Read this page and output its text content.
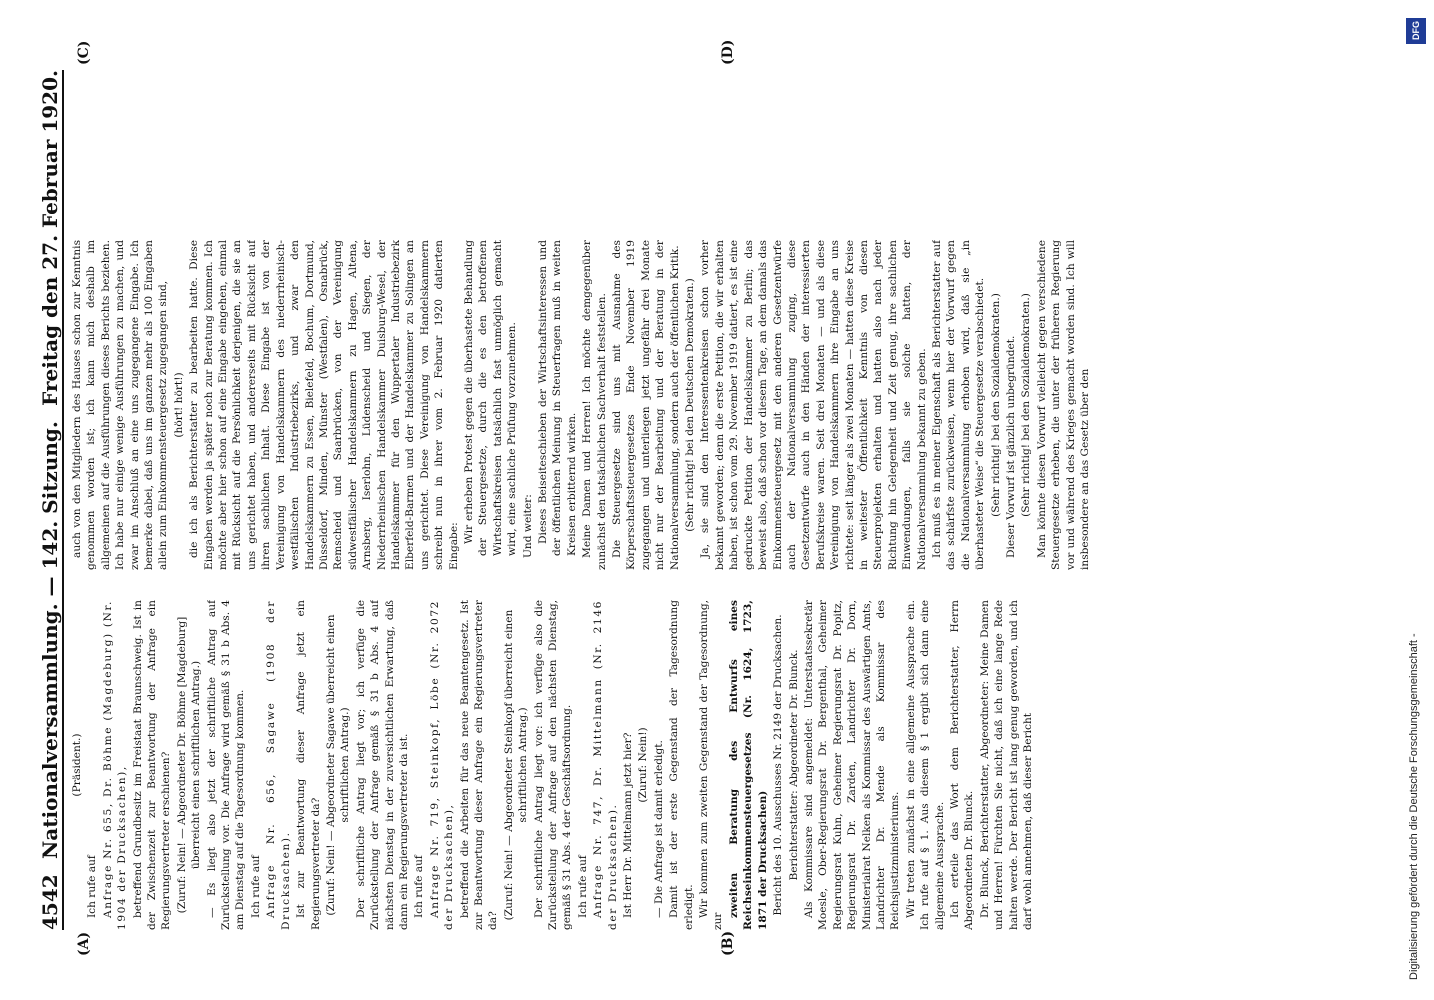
4542
Nationalversammlung. — 142. Sitzung.
Freitag den 27. Februar 1920.
(A)	(B)
(C)	(D)

(Präsident.)

Ich rufe auf Anfrage Nr. 655, Dr. Böhme (Magdeburg) (Nr. 1904 der Drucksachen), betreffend Grundbesitz im Freistaat Braunschweig. Ist in der Zwischenzeit zur Beantwortung der Anfrage ein Regierungsvertreter erschienen? (Zuruf: Nein! — Abgeordneter Dr. Böhme [Magdeburg] überreicht einen schriftlichen Antrag.) — Es liegt also jetzt der schriftliche Antrag auf Zurückstellung vor. Die Anfrage wird gemäß § 31 b Abs. 4 am Dienstag auf die Tagesordnung kommen. Ich rufe auf Anfrage Nr. 656, Sagawe (1908 der Drucksachen). Ist zur Beantwortung dieser Anfrage jetzt ein Regierungsvertreter da? (Zuruf: Nein! — Abgeordneter Sagawe überreicht einen schriftlichen Antrag.) Der schriftliche Antrag liegt vor; ich verfüge die Zurückstellung der Anfrage gemäß § 31 b Abs. 4 auf nächsten Dienstag in der zuversichtlichen Erwartung, daß dann ein Regierungsvertreter da ist. Ich rufe auf Anfrage Nr. 719, Steinkopf, Löbe (Nr. 2072 der Drucksachen), betreffend die Arbeiten für das neue Beamtengesetz. Ist zur Beantwortung dieser Anfrage ein Regierungsvertreter da?

(Zuruf: Nein! — Abgeordneter Steinkopf überreicht einen schriftlichen Antrag.) Der schriftliche Antrag liegt vor: ich verfüge also die Zurückstellung der Anfrage auf den nächsten Dienstag, gemäß § 31 Abs. 4 der Geschäftsordnung. Ich rufe auf Anfrage Nr. 747, Dr. Mittelmann (Nr. 2146 der Drucksachen). Ist Herr Dr. Mittelmann jetzt hier? (Zuruf: Nein!) — Die Anfrage ist damit erledigt. Damit ist der erste Gegenstand der Tagesordnung erledigt. Wir kommen zum zweiten Gegenstand der Tagesordnung, zur

zweiten Beratung des Entwurfs eines Reichseinkommensteuergesetzes (Nr. 1624, 1723, 1871 der Drucksachen) Bericht des 10. Ausschusses Nr. 2149 der Drucksachen. Berichterstatter: Abgeordneter Dr. Blunck. Als Kommissare sind angemeldet: Unterstaatssekretär Moesle, Ober-Regierungsrat Dr. Bergenthal, Geheimer Regierungsrat Kuhn, Geheimer Regierungsrat Dr. Popitz, Regierungsrat Dr. Zarden, Landrichter Dr. Dorn, Ministerialrat Nelken als Kommissar des Auswärtigen Amts, Landrichter Dr. Mende als Kommissar des Reichsjustizministeriums. Wir treten zunächst in eine allgemeine Aussprache ein. Ich rufe auf § 1. Aus diesem § 1 ergibt sich dann eine allgemeine Aussprache. Ich erteile das Wort dem Berichterstatter, Herrn Abgeordneten Dr. Blunck. Dr. Blunck, Berichterstatter, Abgeordneter: Meine Damen und Herren! Fürchten Sie nicht, daß ich eine lange Rede halten werde. Der Bericht ist lang genug geworden, und ich darf wohl annehmen, daß dieser Bericht

auch von den Mitgliedern des Hauses schon zur Kenntnis genommen worden ist; ich kann mich deshalb im allgemeinen auf die Ausführungen dieses Berichts beziehen. Ich habe nur einige wenige Ausführungen zu machen, und zwar im Anschluß an eine uns zugegangene Eingabe. Ich bemerke dabei, daß uns im ganzen mehr als 100 Eingaben allein zum Einkommensteuergesetz zugegangen sind, (hört! hört!) die ich als Berichterstatter zu bearbeiten hatte. Diese Eingaben werden ja später noch zur Beratung kommen. Ich möchte aber hier schon auf eine Eingabe eingehen, einmal mit Rücksicht auf die Persönlichkeit derjenigen, die sie an uns gerichtet haben, und andererseits mit Rücksicht auf ihren sachlichen Inhalt. Diese Eingabe ist von der Vereinigung von Handelskammern des niederrheinisch-westfälischen Industriebezirks, und zwar den Handelskammern zu Essen, Bielefeld, Bochum, Dortmund, Düsseldorf, Minden, Münster (Westfalen), Osnabrück, Remscheid und Saarbrücken, von der Vereinigung südwestfälischer Handelskammern zu Hagen, Altena, Arnsberg, Iserlohn, Lüdenscheid und Siegen, der Niederrheinischen Handelskammer Duisburg-Wesel, der Handelskammer für den Wuppertaler Industriebezirk Elberfeld-Barmen und der Handelskammer zu Solingen an uns gerichtet. Diese Vereinigung von Handelskammern schreibt nun in ihrer vom 2. Februar 1920 datierten Eingabe:

Wir erheben Protest gegen die überhastete Behandlung der Steuergesetze, durch die es den betroffenen Wirtschaftskreisen tatsächlich fast unmöglich gemacht wird, eine sachliche Prüfung vorzunehmen. Und weiter: Dieses Beiseiteschieben der Wirtschaftsinteressen und der öffentlichen Meinung in Steuerfragen muß in weiten Kreisen erbitternd wirken. Meine Damen und Herren! Ich möchte demgegenüber zunächst den tatsächlichen Sachverhalt feststellen. Die Steuergesetze sind uns mit Ausnahme des Körperschaftssteuergesetzes Ende November 1919 zugegangen und unterliegen jetzt ungefähr drei Monate nicht nur der Bearbeitung und der Beratung in der Nationalversammlung, sondern auch der öffentlichen Kritik. (Sehr richtig! bei den Deutschen Demokraten.) Ja, sie sind den Interessentenkreisen schon vorher bekannt geworden; denn die erste Petition, die wir erhalten haben, ist schon vom 29. November 1919 datiert, es ist eine gedruckte Petition der Handelskammer zu Berlin; das beweist also, daß schon vor diesem Tage, an dem damals das Einkommensteuergesetz mit den anderen Gesetzentwürfe auch der Nationalversammlung zuging, diese Gesetzentwürfe auch in den Händen der interessierten Berufskreise waren. Seit drei Monaten — und als diese Vereinigung von Handelskammern ihre Eingabe an uns richtete: seit länger als zwei Monaten — hatten diese Kreise in weitester Öffentlichkeit Kenntnis von diesen Steuerprojekten erhalten und hatten also nach jeder Richtung hin Gelegenheit und Zeit genug, ihre sachlichen Einwendungen, falls sie solche hatten, der Nationalversammlung bekannt zu geben. Ich muß es in meiner Eigenschaft als Berichterstatter auf das schärfste zurückweisen, wenn hier der Vorwurf gegen die Nationalversammlung erhoben wird, daß sie „in überhasteter Weise“ die Steuergesetze verabschiedet. (Sehr richtig! bei den Sozialdemokraten.) Dieser Vorwurf ist gänzlich unbegründet. (Sehr richtig! bei den Sozialdemokraten.) Man könnte diesen Vorwurf vielleicht gegen verschiedene Steuergesetze erheben, die unter der früheren Regierung vor und während des Krieges gemacht worden sind. Ich will insbesondere an das Gesetz über den

DFG
Digitalisierung gefördert durch die Deutsche Forschungsgemeinschaft -
